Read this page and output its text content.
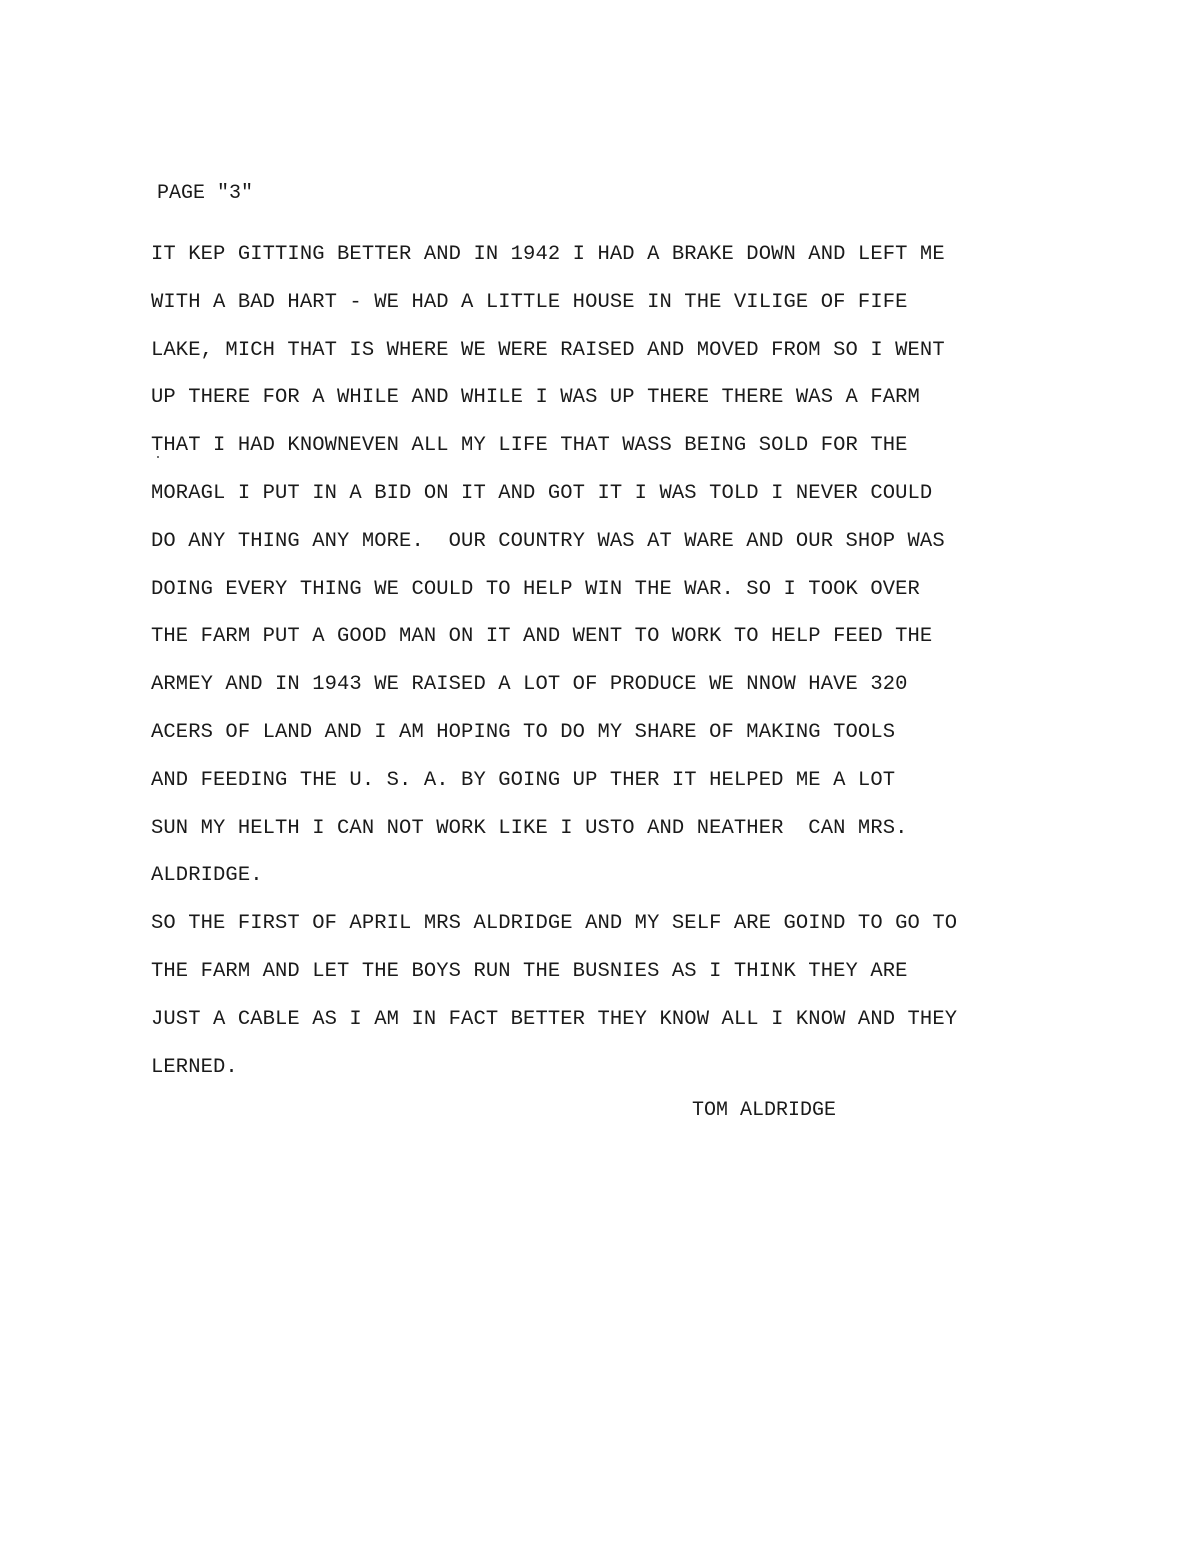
PAGE "3"
IT KEP GITTING BETTER AND IN 1942 I HAD A BRAKE DOWN AND LEFT ME
WITH A BAD HART - WE HAD A LITTLE HOUSE IN THE VILIGE OF FIFE
LAKE, MICH THAT IS WHERE WE WERE RAISED AND MOVED FROM SO I WENT
UP THERE FOR A WHILE AND WHILE I WAS UP THERE THERE WAS A FARM
THAT I HAD KNOWNEVEN ALL MY LIFE THAT WASS BEING SOLD FOR THE
MORAGL I PUT IN A BID ON IT AND GOT IT I WAS TOLD I NEVER COULD
DO ANY THING ANY MORE.  OUR COUNTRY WAS AT WARE AND OUR SHOP WAS
DOING EVERY THING WE COULD TO HELP WIN THE WAR. SO I TOOK OVER
THE FARM PUT A GOOD MAN ON IT AND WENT TO WORK TO HELP FEED THE
ARMEY AND IN 1943 WE RAISED A LOT OF PRODUCE WE NNOW HAVE 320
ACERS OF LAND AND I AM HOPING TO DO MY SHARE OF MAKING TOOLS
AND FEEDING THE U. S. A. BY GOING UP THER IT HELPED ME A LOT
SUN MY HELTH I CAN NOT WORK LIKE I USTO AND NEATHER  CAN MRS.
ALDRIDGE.
SO THE FIRST OF APRIL MRS ALDRIDGE AND MY SELF ARE GOIND TO GO TO
THE FARM AND LET THE BOYS RUN THE BUSNIES AS I THINK THEY ARE
JUST A CABLE AS I AM IN FACT BETTER THEY KNOW ALL I KNOW AND THEY
LERNED.
TOM ALDRIDGE
